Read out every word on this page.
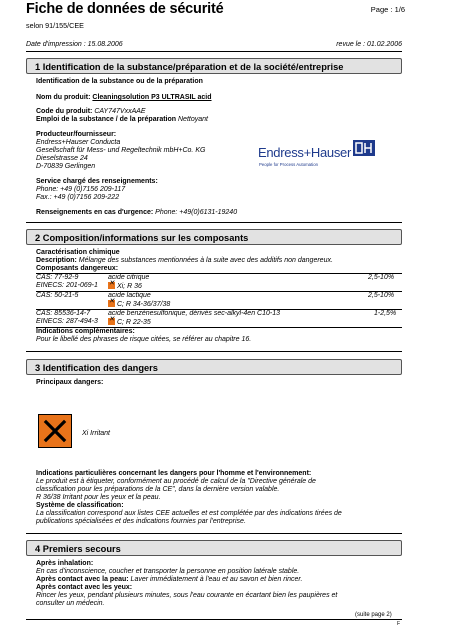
Fiche de données de sécurité
selon 91/155/CEE
Page : 1/6
Date d'impression : 15.08.2006	revue le : 01.02.2006
1 Identification de la substance/préparation et de la société/entreprise
Identification de la substance ou de la préparation
Nom du produit: Cleaningsolution P3 ULTRASIL acid
Code du produit: CAY747VxxAAE
Emploi de la substance / de la préparation Nettoyant
Producteur/fournisseur:
Endress+Hauser Conducta
Gesellschaft für Mess- und Regeltechnik mbH+Co. KG
Dieselstrasse 24
D-70839 Gerlingen
Service chargé des renseignements:
Phone: +49 (0)7156 209-117
Fax.: +49 (0)7156 209-222
Renseignements en cas d'urgence: Phone: +49(0)6131-19240
Endress+Hauser
People for Process Automation
2 Composition/informations sur les composants
Caractérisation chimique
Description: Mélange des substances mentionnées à la suite avec des additifs non dangereux.
Composants dangereux:
CAS: 77-92-9
EINECS: 201-069-1
acide citrique
✕ Xi; R 36
2,5-10%
CAS: 50-21-5	acide lactique
✕ C; R 34-36/37/38
2,5-10%
CAS: 85536-14-7
EINECS: 287-494-3
acide benzènesulfonique, dérivés sec-alkyl-4en C10-13
✕ C; R 22-35
1-2,5%
Indications complémentaires:
Pour le libellé des phrases de risque citées, se référer au chapitre 16.
3 Identification des dangers
Principaux dangers:
Xi Irritant
Indications particulières concernant les dangers pour l'homme et l'environnement:
Le produit est à étiqueter, conformément au procédé de calcul de la "Directive générale de
classification pour les préparations de la CE", dans la dernière version valable.
R 36/38 Irritant pour les yeux et la peau.
Système de classification:
La classification correspond aux listes CEE actuelles et est complétée par des indications tirées de
publications spécialisées et des indications fournies par l'entreprise.
4 Premiers secours
Après inhalation:
En cas d'inconscience, coucher et transporter la personne en position latérale stable.
Après contact avec la peau: Laver immédiatement à l'eau et au savon et bien rincer.
Après contact avec les yeux:
Rincer les yeux, pendant plusieurs minutes, sous l'eau courante en écartant bien les paupières et
consulter un médecin.
(suite page 2)
F
